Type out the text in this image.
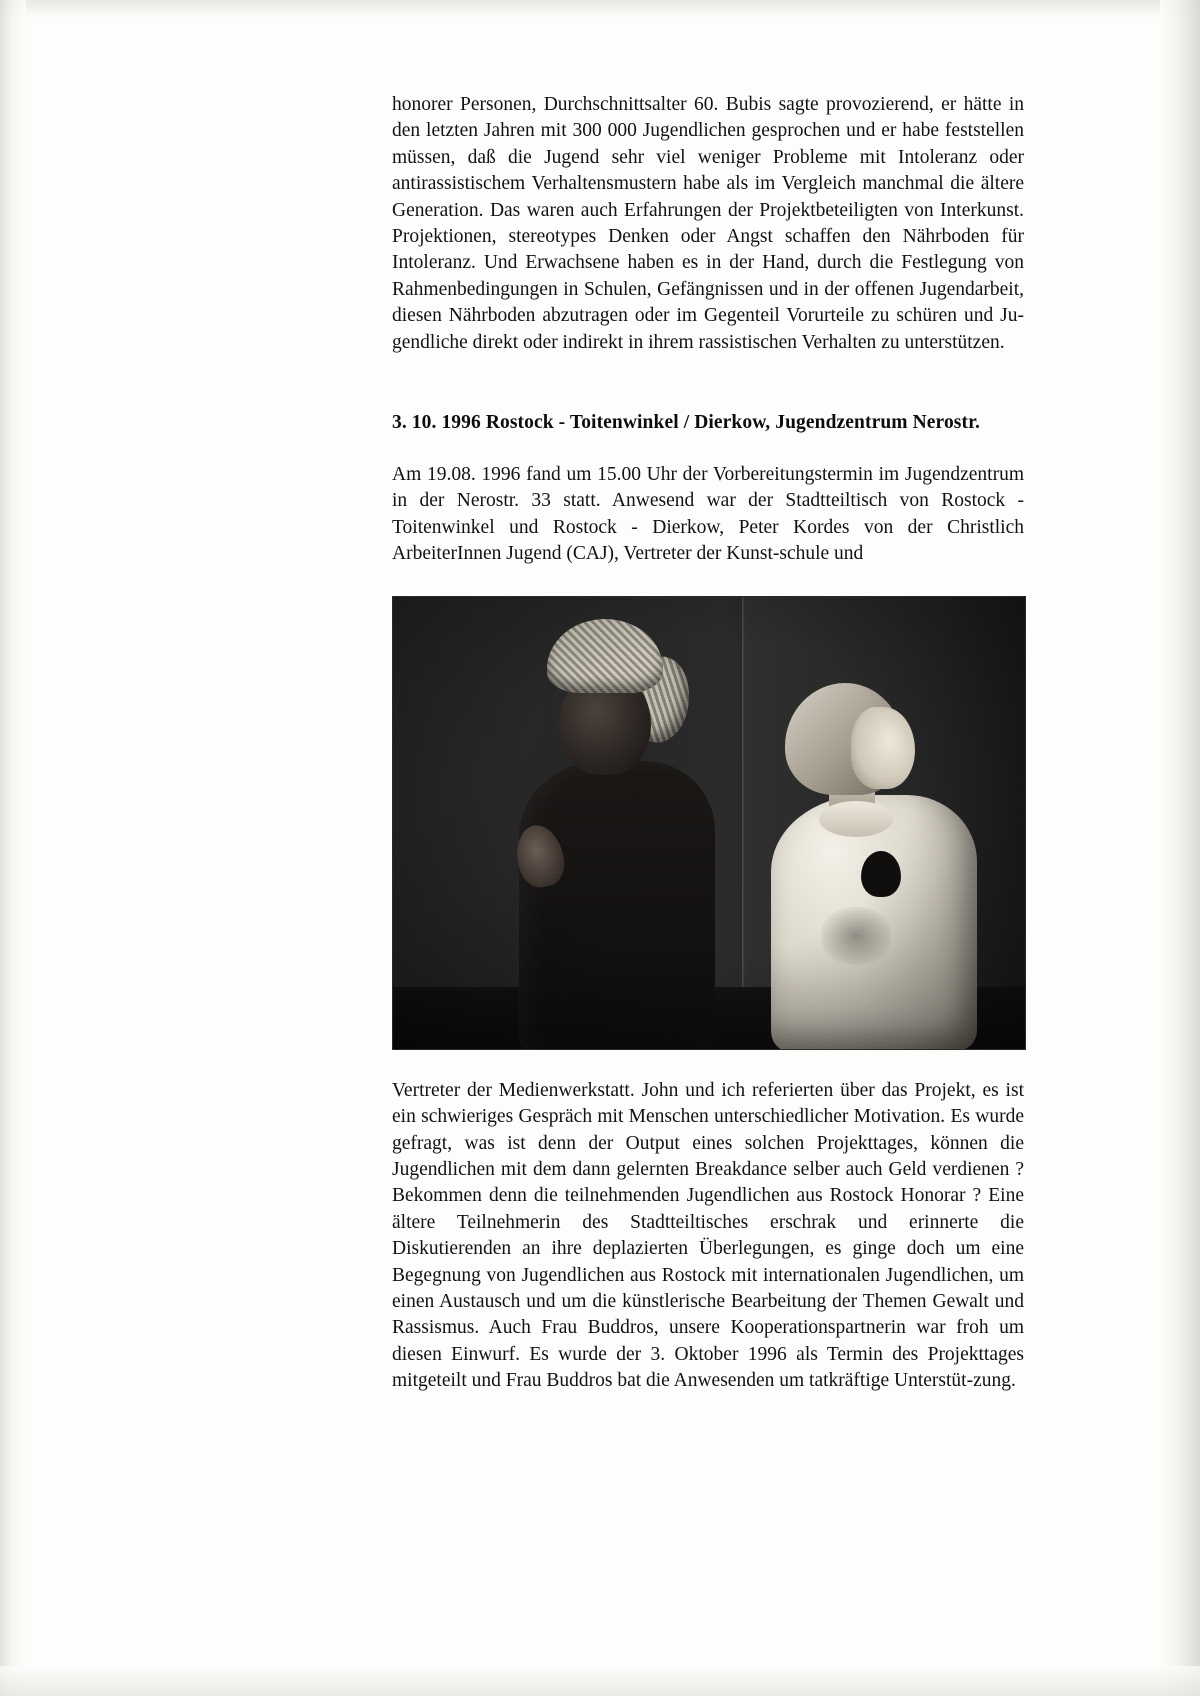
honorer Personen, Durchschnittsalter 60. Bubis sagte provozierend, er hätte in den letzten Jahren mit 300 000 Jugendlichen gesprochen und er habe feststellen müssen, daß die Jugend sehr viel weniger Probleme mit Intoleranz oder antirassistischem Verhaltensmustern habe als im Vergleich manchmal die ältere Generation. Das waren auch Erfahrungen der Projektbeteiligten von Interkunst. Projektionen, stereotypes Denken oder Angst schaffen den Nährboden für Intoleranz. Und Erwachsene haben es in der Hand, durch die Festlegung von Rahmenbedingungen in Schulen, Gefängnissen und in der offenen Jugendarbeit, diesen Nährboden abzutragen oder im Gegenteil Vorurteile zu schüren und Ju-gendliche direkt oder indirekt in ihrem rassistischen Verhalten zu unterstützen.

3. 10. 1996 Rostock - Toitenwinkel / Dierkow, Jugendzentrum Nerostr.

Am 19.08. 1996 fand um 15.00 Uhr der Vorbereitungstermin im Jugendzentrum in der Nerostr. 33 statt. Anwesend war der Stadtteiltisch von Rostock - Toitenwinkel und Rostock - Dierkow, Peter Kordes von der Christlich ArbeiterInnen Jugend (CAJ), Vertreter der Kunst-schule und

Vertreter der Medienwerkstatt. John und ich referierten über das Projekt, es ist ein schwieriges Gespräch mit Menschen unterschiedlicher Motivation. Es wurde gefragt, was ist denn der Output eines solchen Projekttages, können die Jugendlichen mit dem dann gelernten Breakdance selber auch Geld verdienen ? Bekommen denn die teilnehmenden Jugendlichen aus Rostock Honorar ? Eine ältere Teilnehmerin des Stadtteiltisches erschrak und erinnerte die Diskutierenden an ihre deplazierten Überlegungen, es ginge doch um eine Begegnung von Jugendlichen aus Rostock mit internationalen Jugendlichen, um einen Austausch und um die künstlerische Bearbeitung der Themen Gewalt und Rassismus. Auch Frau Buddros, unsere Kooperationspartnerin war froh um diesen Einwurf. Es wurde der 3. Oktober 1996 als Termin des Projekttages mitgeteilt und Frau Buddros bat die Anwesenden um tatkräftige Unterstüt-zung.
